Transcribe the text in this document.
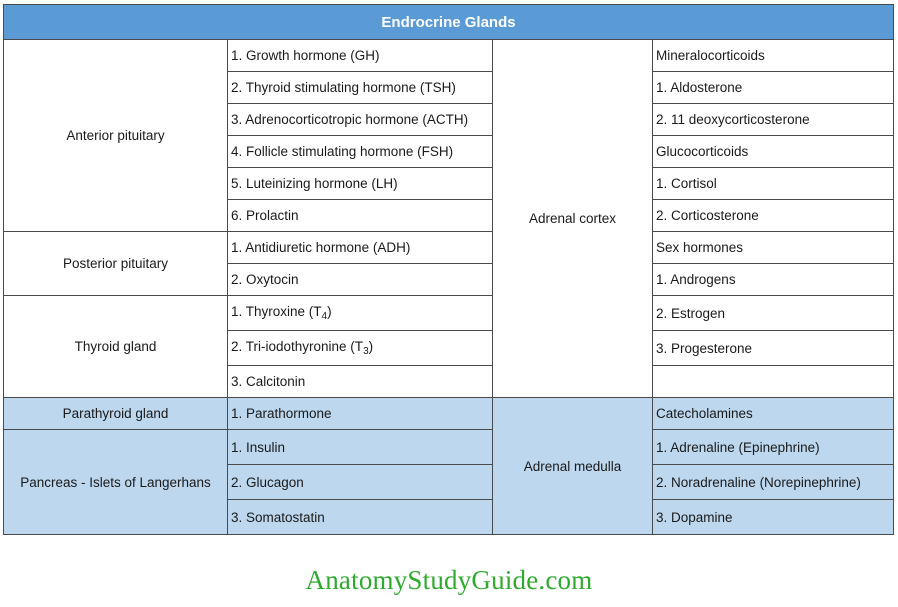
Endrocrine Glands			
Anterior pituitary	1. Growth hormone (GH)	Adrenal cortex	Mineralocorticoids
	2. Thyroid stimulating hormone (TSH)		1. Aldosterone
	3. Adrenocorticotropic hormone (ACTH)		2. 11 deoxycorticosterone
	4. Follicle stimulating hormone (FSH)		Glucocorticoids
	5. Luteinizing hormone (LH)		1. Cortisol
	6. Prolactin		2. Corticosterone
Posterior pituitary	1. Antidiuretic hormone (ADH)		Sex hormones
	2. Oxytocin		1. Androgens
Thyroid gland	1. Thyroxine $(T_4)$		2. Estrogen
	2. Tri-iodothyronine $(T_3)$		3. Progesterone
	3. Calcitonin		
Parathyroid gland	1. Parathormone	Adrenal medulla	Catecholamines
Pancreas - Islets of Langerhans	1. Insulin		1. Adrenaline (Epinephrine)
	2. Glucagon		2. Noradrenaline (Norepinephrine)
	3. Somatostatin		3. Dopamine
AnatomyStudyGuide.com
